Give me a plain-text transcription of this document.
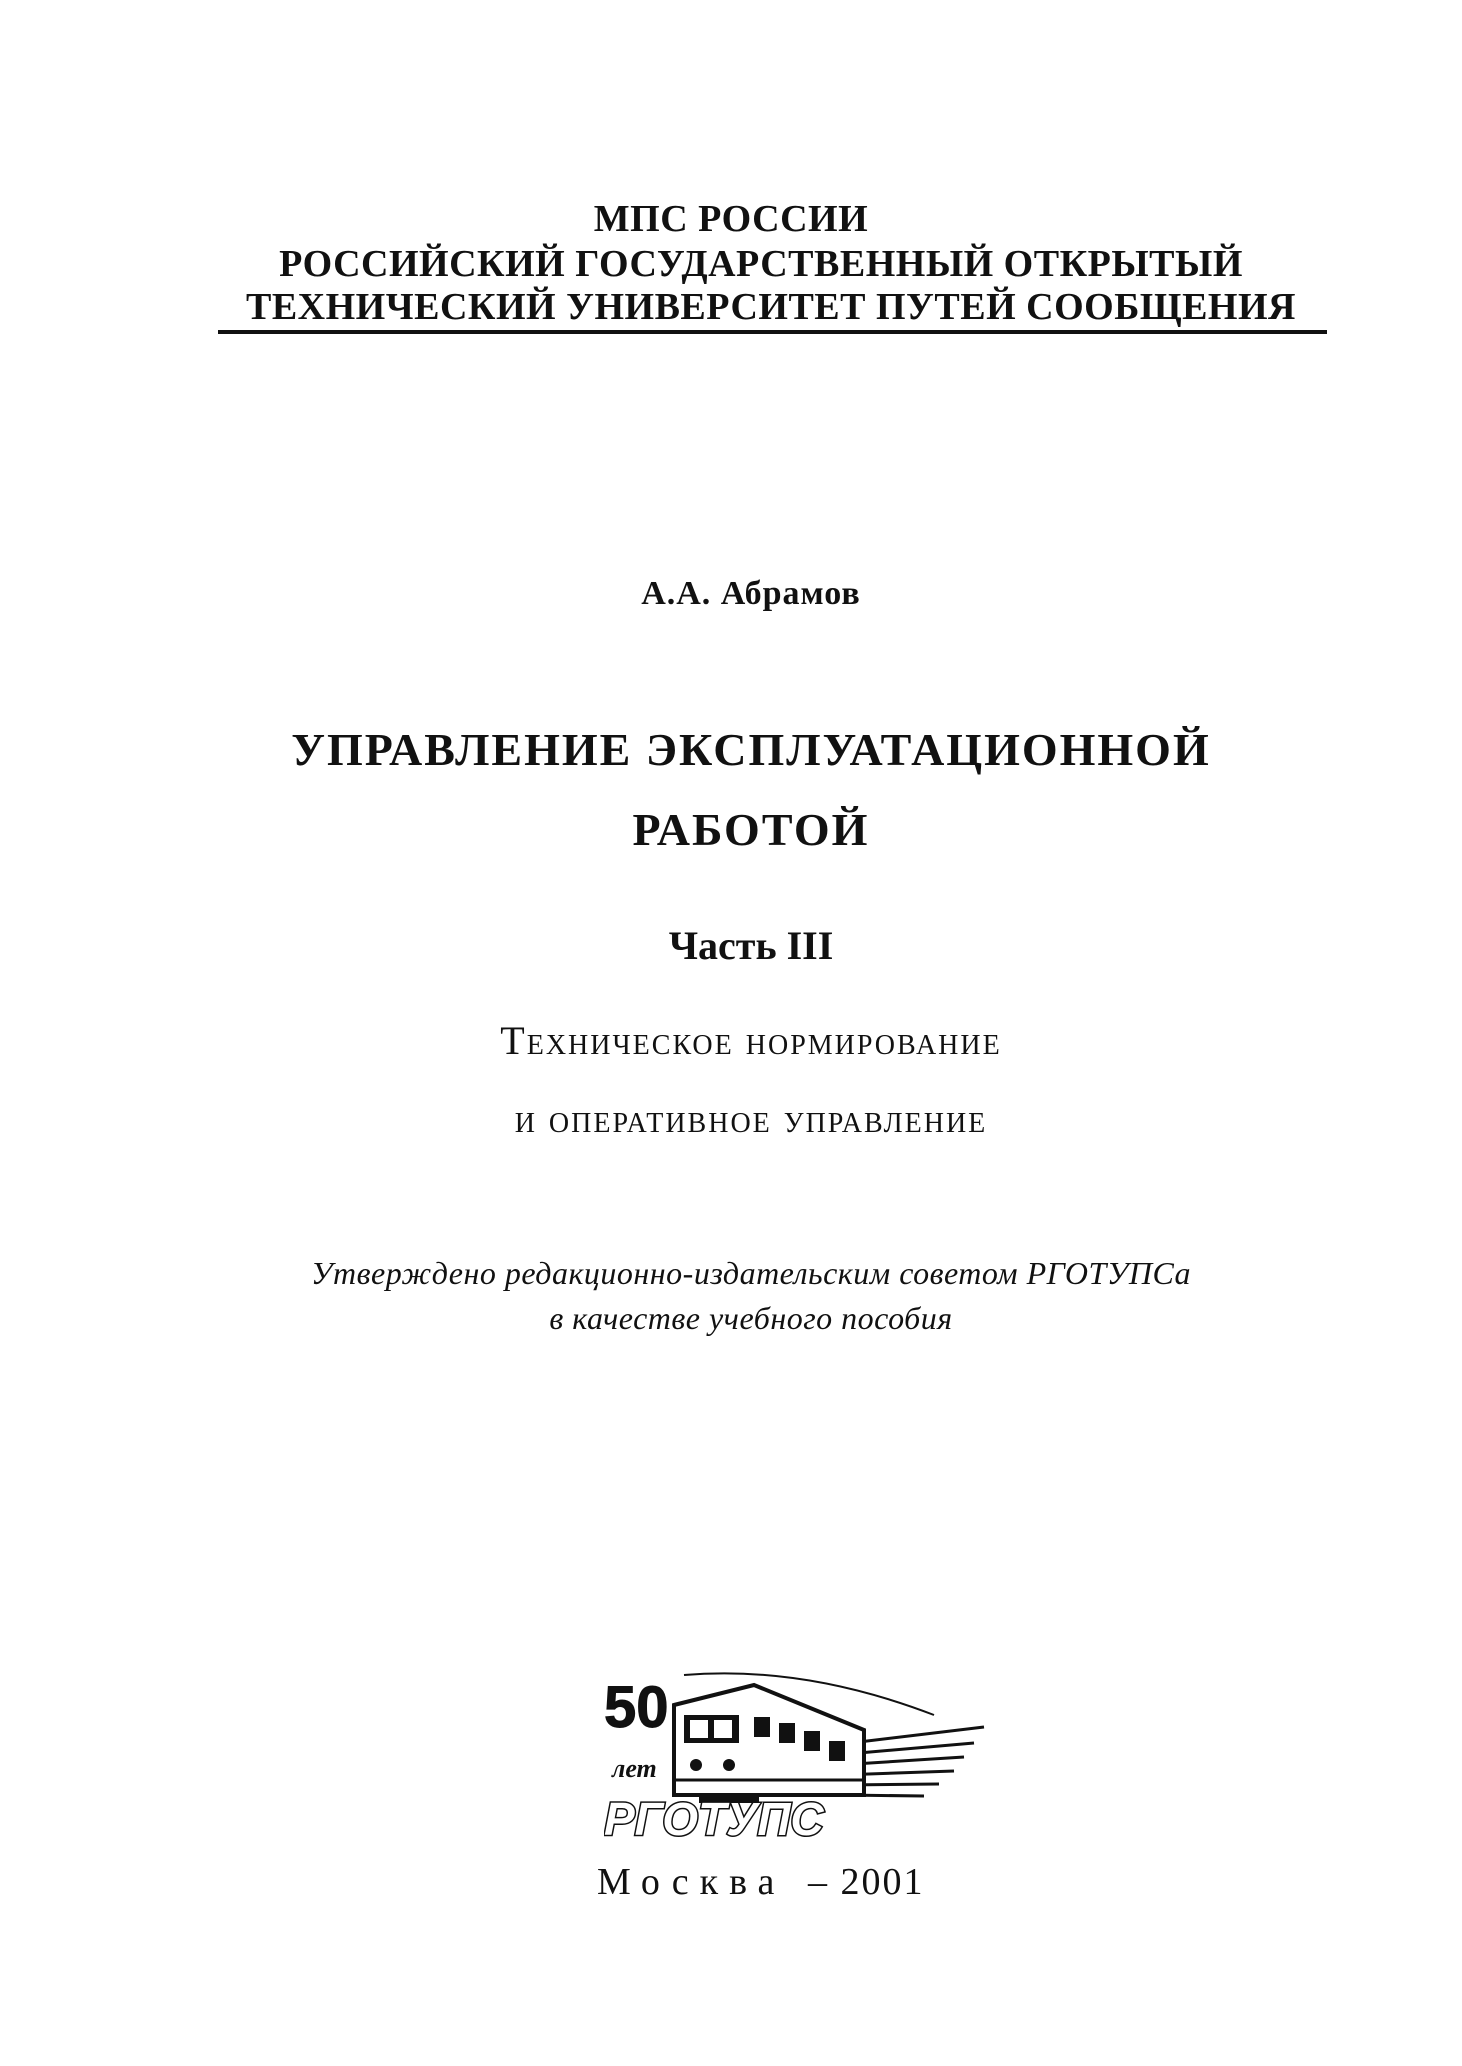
МПС РОССИИ
РОССИЙСКИЙ ГОСУДАРСТВЕННЫЙ ОТКРЫТЫЙ
ТЕХНИЧЕСКИЙ УНИВЕРСИТЕТ ПУТЕЙ СООБЩЕНИЯ
А.А. Абрамов
УПРАВЛЕНИЕ ЭКСПЛУАТАЦИОННОЙ
РАБОТОЙ
Часть III
Техническое нормирование
и оперативное управление
Утверждено редакционно-издательским советом РГОТУПСа
в качестве учебного пособия
50
лет
РГОТУПС
Москва – 2001
